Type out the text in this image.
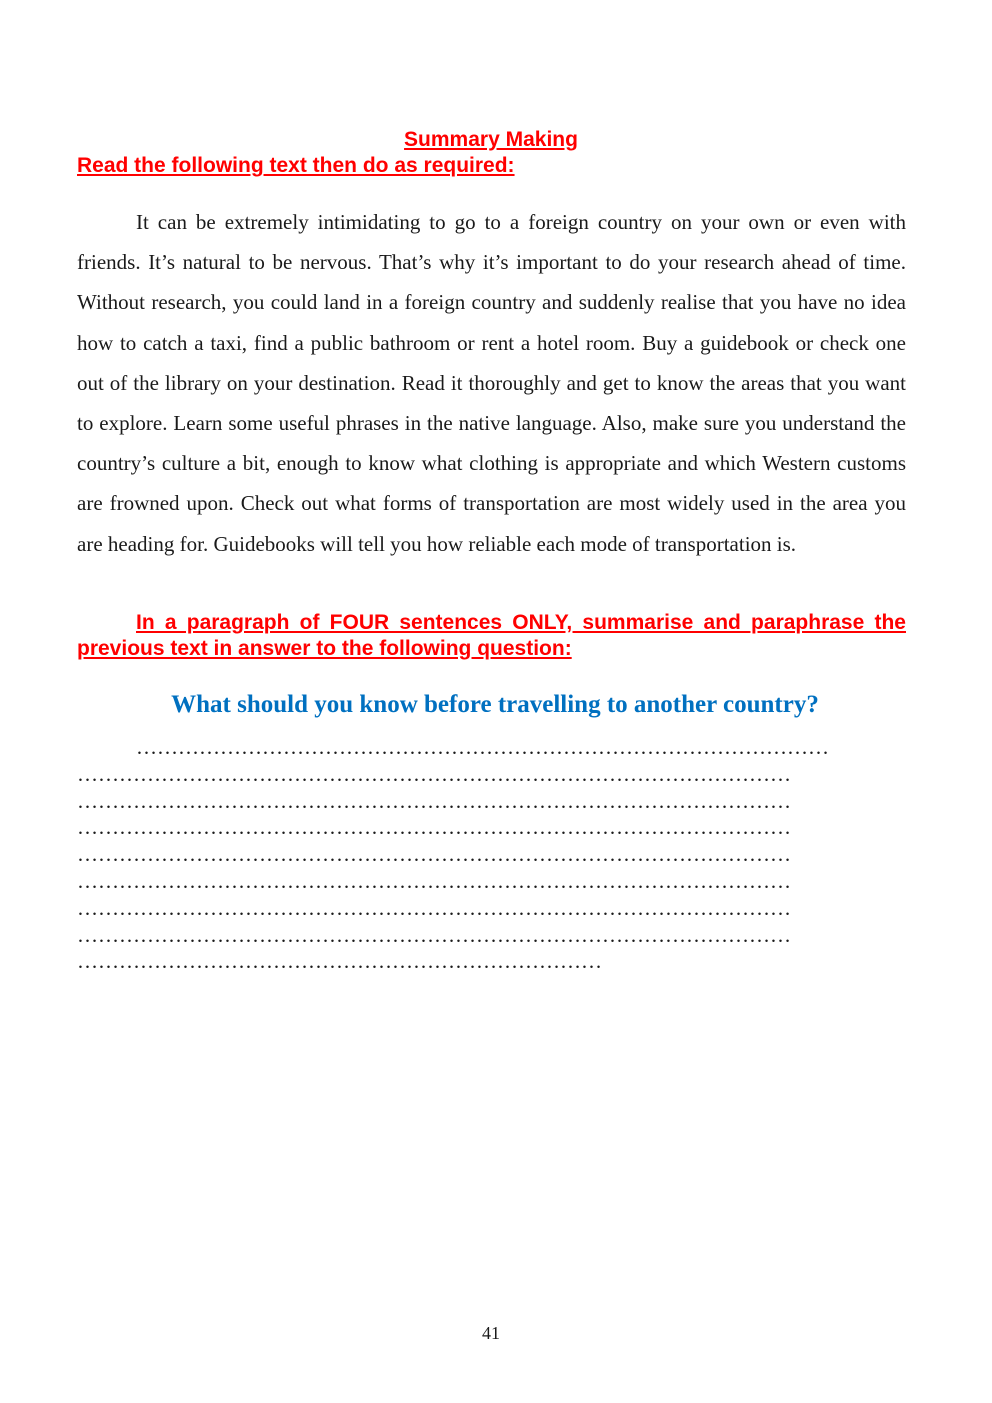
Summary Making
Read the following text then do as required:

It can be extremely intimidating to go to a foreign country on your own or even with friends. It’s natural to be nervous. That’s why it’s important to do your research ahead of time. Without research, you could land in a foreign country and suddenly realise that you have no idea how to catch a taxi, find a public bathroom or rent a hotel room. Buy a guidebook or check one out of the library on your destination. Read it thoroughly and get to know the areas that you want to explore. Learn some useful phrases in the native language. Also, make sure you understand the country’s culture a bit, enough to know what clothing is appropriate and which Western customs are frowned upon. Check out what forms of transportation are most widely used in the area you are heading for. Guidebooks will tell you how reliable each mode of transportation is.

In a paragraph of FOUR sentences ONLY, summarise and paraphrase the previous text in answer to the following question:

What should you know before travelling to another country?

………………………………………………………………………………………
…………………………………………………………………………………………
…………………………………………………………………………………………
…………………………………………………………………………………………
…………………………………………………………………………………………
…………………………………………………………………………………………
…………………………………………………………………………………………
…………………………………………………………………………………………
…………………………………………………………………
41
